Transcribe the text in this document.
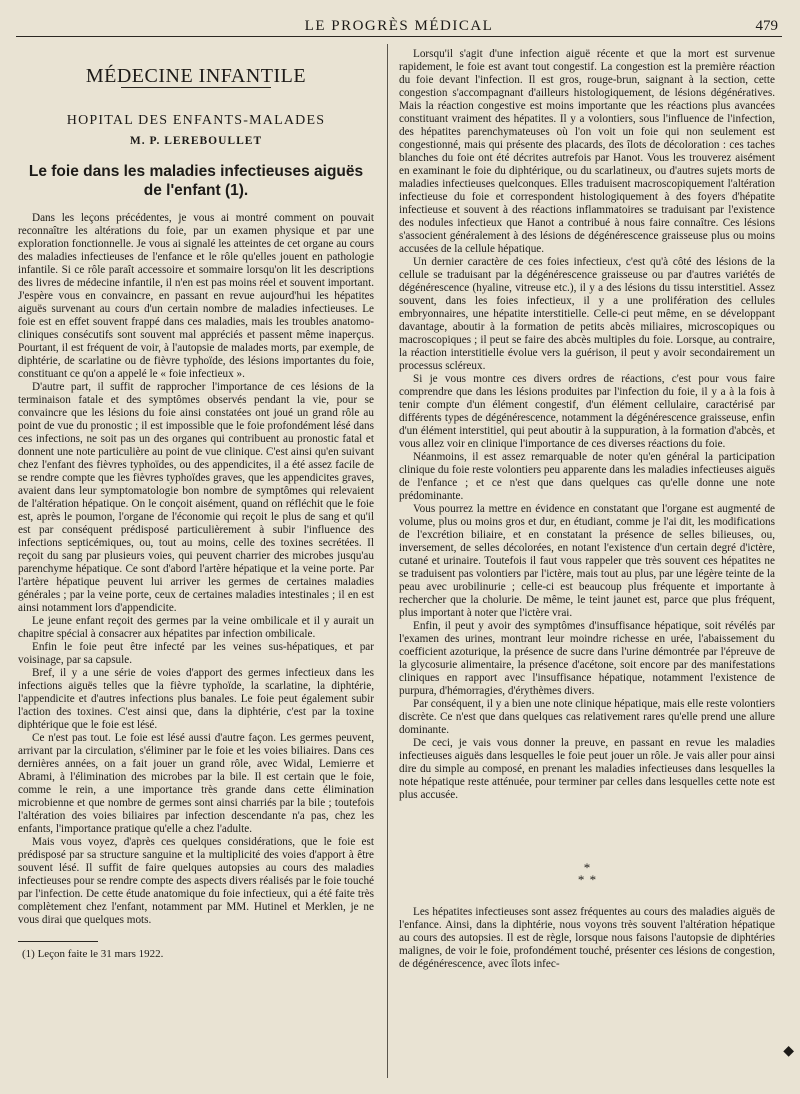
LE PROGRÈS MÉDICAL	479
MÉDECINE INFANTILE
HOPITAL DES ENFANTS-MALADES
M. P. LEREBOULLET
Le foie dans les maladies infectieuses aiguës de l'enfant (1).

Dans les leçons précédentes, je vous ai montré comment on pouvait reconnaître les altérations du foie, par un examen physique et par une exploration fonctionnelle. Je vous ai signalé les atteintes de cet organe au cours des maladies infectieuses de l'enfance et le rôle qu'elles jouent en pathologie infantile. Si ce rôle paraît accessoire et sommaire lorsqu'on lit les descriptions des livres de médecine infantile, il n'en est pas moins réel et souvent important. J'espère vous en convaincre, en passant en revue aujourd'hui les hépatites aiguës survenant au cours d'un certain nombre de maladies infectieuses. Le foie est en effet souvent frappé dans ces maladies, mais les troubles anatomo-cliniques consécutifs sont souvent mal appréciés et passent même inaperçus. Pourtant, il est fréquent de voir, à l'autopsie de malades morts, par exemple, de diphtérie, de scarlatine ou de fièvre typhoïde, des lésions importantes du foie, constituant ce qu'on a appelé le « foie infectieux ».

D'autre part, il suffit de rapprocher l'importance de ces lésions de la terminaison fatale et des symptômes observés pendant la vie, pour se convaincre que les lésions du foie ainsi constatées ont joué un grand rôle au point de vue du pronostic ; il est impossible que le foie profondément lésé dans ces infections, ne soit pas un des organes qui contribuent au pronostic fatal et donnent une note particulière au point de vue clinique. C'est ainsi qu'en suivant chez l'enfant des fièvres typhoïdes, ou des appendicites, il a été assez facile de se rendre compte que les fièvres typhoïdes graves, que les appendicites graves, avaient dans leur symptomatologie bon nombre de symptômes qui relevaient de l'altération hépatique. On le conçoit aisément, quand on réfléchit que le foie est, après le poumon, l'organe de l'économie qui reçoit le plus de sang et qu'il est par conséquent prédisposé particulièrement à subir l'influence des infections septicémiques, ou, tout au moins, celle des toxines secrétées. Il reçoit du sang par plusieurs voies, qui peuvent charrier des microbes jusqu'au parenchyme hépatique. Ce sont d'abord l'artère hépatique et la veine porte. Par l'artère hépatique peuvent lui arriver les germes de certaines maladies générales ; par la veine porte, ceux de certaines maladies intestinales ; il en est ainsi notamment lors d'appendicite.

Le jeune enfant reçoit des germes par la veine ombilicale et il y aurait un chapitre spécial à consacrer aux hépatites par infection ombilicale.

Enfin le foie peut être infecté par les veines sus-hépatiques, et par voisinage, par sa capsule.

Bref, il y a une série de voies d'apport des germes infectieux dans les infections aiguës telles que la fièvre typhoïde, la scarlatine, la diphtérie, l'appendicite et d'autres infections plus banales. Le foie peut également subir l'action des toxines. C'est ainsi que, dans la diphtérie, c'est par la toxine diphtérique que le foie est lésé.

Ce n'est pas tout. Le foie est lésé aussi d'autre façon. Les germes peuvent, arrivant par la circulation, s'éliminer par le foie et les voies biliaires. Dans ces dernières années, on a fait jouer un grand rôle, avec Widal, Lemierre et Abrami, à l'élimination des microbes par la bile. Il est certain que le foie, comme le rein, a une importance très grande dans cette élimination microbienne et que nombre de germes sont ainsi charriés par la bile ; toutefois l'altération des voies biliaires par infection descendante n'a pas, chez les enfants, l'importance pratique qu'elle a chez l'adulte.

Mais vous voyez, d'après ces quelques considérations, que le foie est prédisposé par sa structure sanguine et la multiplicité des voies d'apport à être souvent lésé. Il suffit de faire quelques autopsies au cours des maladies infectieuses pour se rendre compte des aspects divers réalisés par le foie touché par l'infection. De cette étude anatomique du foie infectieux, qui a été faite très complètement chez l'enfant, notamment par MM. Hutinel et Merklen, je ne vous dirai que quelques mots.

(1) Leçon faite le 31 mars 1922.

Lorsqu'il s'agit d'une infection aiguë récente et que la mort est survenue rapidement, le foie est avant tout congestif. La congestion est la première réaction du foie devant l'infection. Il est gros, rouge-brun, saignant à la section, cette congestion s'accompagnant d'ailleurs histologiquement, de lésions dégénératives. Mais la réaction congestive est moins importante que les réactions plus avancées constituant vraiment des hépatites. Il y a volontiers, sous l'influence de l'infection, des hépatites parenchymateuses où l'on voit un foie qui non seulement est congestionné, mais qui présente des placards, des îlots de décoloration : ces taches blanches du foie ont été décrites autrefois par Hanot. Vous les trouverez aisément en examinant le foie du diphtérique, ou du scarlatineux, ou d'autres sujets morts de maladies infectieuses quelconques. Elles traduisent macroscopiquement l'altération infectieuse du foie et correspondent histologiquement à des foyers d'hépatite infectieuse et souvent à des réactions inflammatoires se traduisant par l'existence des nodules infectieux que Hanot a contribué à nous faire connaître. Ces lésions s'associent généralement à des lésions de dégénérescence graisseuse plus ou moins accusées de la cellule hépatique.

Un dernier caractère de ces foies infectieux, c'est qu'à côté des lésions de la cellule se traduisant par la dégénérescence graisseuse ou par d'autres variétés de dégénérescence (hyaline, vitreuse etc.), il y a des lésions du tissu interstitiel. Assez souvent, dans les foies infectieux, il y a une prolifération des cellules embryonnaires, une hépatite interstitielle. Celle-ci peut même, en se développant davantage, aboutir à la formation de petits abcès miliaires, microscopiques ou macroscopiques ; il peut se faire des abcès multiples du foie. Lorsque, au contraire, la réaction interstitielle évolue vers la guérison, il peut y avoir secondairement un processus scléreux.

Si je vous montre ces divers ordres de réactions, c'est pour vous faire comprendre que dans les lésions produites par l'infection du foie, il y a à la fois à tenir compte d'un élément congestif, d'un élément cellulaire, caractérisé par différents types de dégénérescence, notamment la dégénérescence graisseuse, enfin d'un élément interstitiel, qui peut aboutir à la suppuration, à la formation d'abcès, et vous allez voir en clinique l'importance de ces diverses réactions du foie.

Néanmoins, il est assez remarquable de noter qu'en général la participation clinique du foie reste volontiers peu apparente dans les maladies infectieuses aiguës de l'enfance ; et ce n'est que dans quelques cas qu'elle donne une note prédominante.

Vous pourrez la mettre en évidence en constatant que l'organe est augmenté de volume, plus ou moins gros et dur, en étudiant, comme je l'ai dit, les modifications de l'excrétion biliaire, et en constatant la présence de selles bilieuses, ou, inversement, de selles décolorées, en notant l'existence d'un certain degré d'ictère, cutané et urinaire. Toutefois il faut vous rappeler que très souvent ces hépatites ne se traduisent pas volontiers par l'ictère, mais tout au plus, par une légère teinte de la peau avec urobilinurie ; celle-ci est beaucoup plus fréquente et importante à rechercher que la cholurie. De même, le teint jaunet est, parce que plus fréquent, plus important à noter que l'ictère vrai.

Enfin, il peut y avoir des symptômes d'insuffisance hépatique, soit révélés par l'examen des urines, montrant leur moindre richesse en urée, l'abaissement du coefficient azoturique, la présence de sucre dans l'urine démontrée par l'épreuve de la glycosurie alimentaire, la présence d'acétone, soit encore par des manifestations cliniques en rapport avec l'insuffisance hépatique, notamment l'existence de purpura, d'hémorragies, d'érythèmes divers.

Par conséquent, il y a bien une note clinique hépatique, mais elle reste volontiers discrète. Ce n'est que dans quelques cas relativement rares qu'elle prend une allure dominante.

De ceci, je vais vous donner la preuve, en passant en revue les maladies infectieuses aiguës dans lesquelles le foie peut jouer un rôle. Je vais aller pour ainsi dire du simple au composé, en prenant les maladies infectieuses dans lesquelles la note hépatique reste atténuée, pour terminer par celles dans lesquelles cette note est plus accusée.

*
*   *

Les hépatites infectieuses sont assez fréquentes au cours des maladies aiguës de l'enfance. Ainsi, dans la diphtérie, nous voyons très souvent l'altération hépatique au cours des autopsies. Il est de règle, lorsque nous faisons l'autopsie de diphtéries malignes, de voir le foie, profondément touché, présenter ces lésions de congestion, de dégénérescence, avec îlots infec-

◆
